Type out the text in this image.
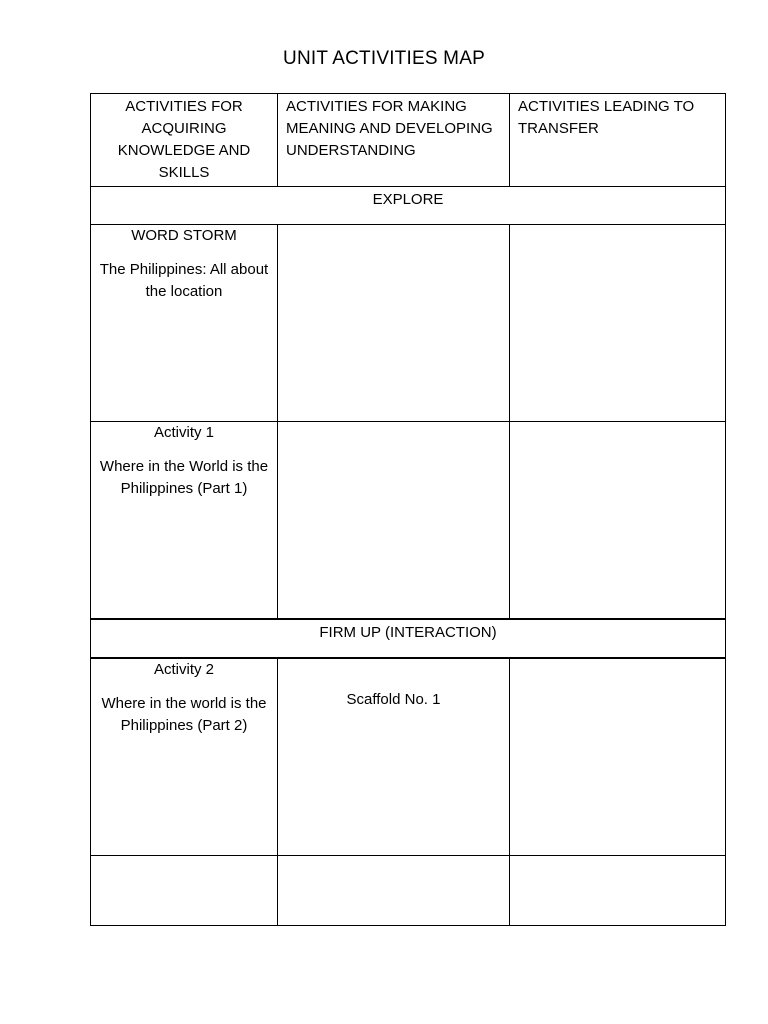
UNIT ACTIVITIES MAP
ACTIVITIES FOR ACQUIRING KNOWLEDGE AND SKILLS	ACTIVITIES FOR MAKING MEANING AND DEVELOPING UNDERSTANDING	ACTIVITIES LEADING TO TRANSFER
EXPLORE		

WORD STORM
The Philippines: All about the location		

Activity 1
Where in the World is the Philippines (Part 1)		

FIRM UP (INTERACTION)		

Activity 2
Where in the world is the Philippines (Part 2)	Scaffold No. 1	
